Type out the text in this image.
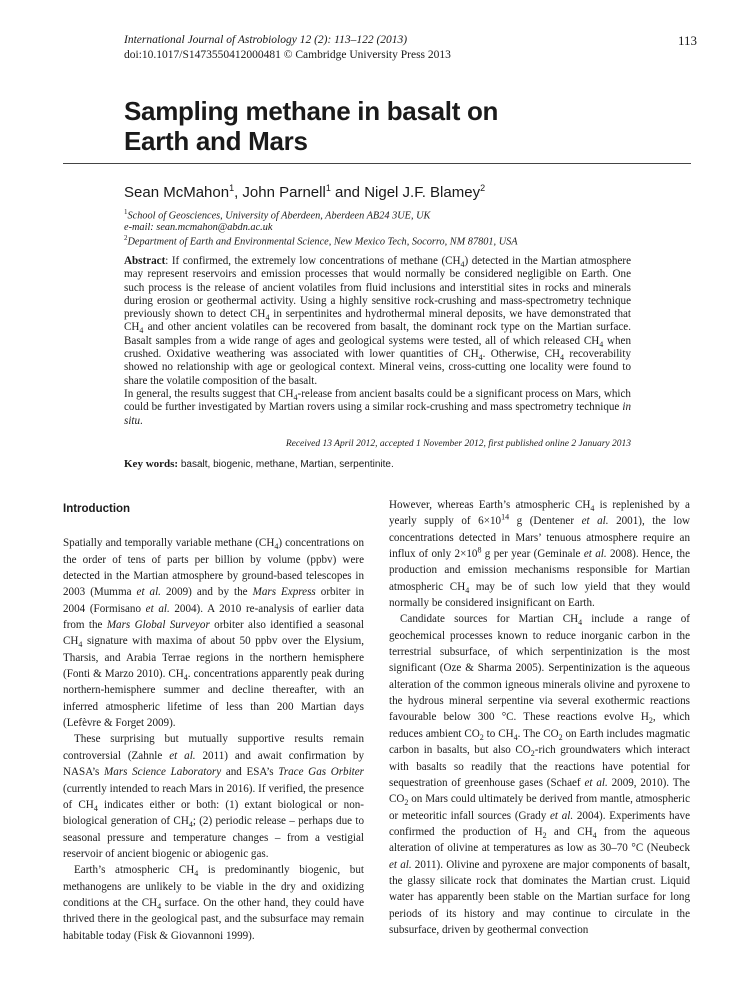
International Journal of Astrobiology 12 (2): 113–122 (2013)
doi:10.1017/S1473550412000481 © Cambridge University Press 2013
113
Sampling methane in basalt on
Earth and Mars
Sean McMahon$^1$, John Parnell$^1$ and Nigel J.F. Blamey$^2$
$^1$School of Geosciences, University of Aberdeen, Aberdeen AB24 3UE, UK
e-mail: sean.mcmahon@abdn.ac.uk
$^2$Department of Earth and Environmental Science, New Mexico Tech, Socorro, NM 87801, USA

Abstract: If confirmed, the extremely low concentrations of methane $(CH_4)$ detected in the Martian atmosphere may represent reservoirs and emission processes that would normally be considered negligible on Earth. One such process is the release of ancient volatiles from fluid inclusions and interstitial sites in rocks and minerals during erosion or geothermal activity. Using a highly sensitive rock-crushing and mass-spectrometry technique previously shown to detect $CH_4$ in serpentinites and hydrothermal mineral deposits, we have demonstrated that $CH_4$ and other ancient volatiles can be recovered from basalt, the dominant rock type on the Martian surface. Basalt samples from a wide range of ages and geological systems were tested, all of which released $CH_4$ when crushed. Oxidative weathering was associated with lower quantities of $CH_4$. Otherwise, $CH_4$ recoverability showed no relationship with age or geological context. Mineral veins, cross-cutting one locality were found to share the volatile composition of the basalt.

In general, the results suggest that $CH_4$-release from ancient basalts could be a significant process on Mars, which could be further investigated by Martian rovers using a similar rock-crushing and mass spectrometry technique in situ.

Received 13 April 2012, accepted 1 November 2012, first published online 2 January 2013
Key words: basalt, biogenic, methane, Martian, serpentinite.
Introduction

Spatially and temporally variable methane $(CH_4)$ concentrations on the order of tens of parts per billion by volume (ppbv) were detected in the Martian atmosphere by ground-based telescopes in 2003 (Mumma et al. 2009) and by the Mars Express orbiter in 2004 (Formisano et al. 2004). A 2010 re-analysis of earlier data from the Mars Global Surveyor orbiter also identified a seasonal $CH_4$ signature with maxima of about 50 ppbv over the Elysium, Tharsis, and Arabia Terrae regions in the northern hemisphere (Fonti & Marzo 2010). $CH_4$. concentrations apparently peak during northern-hemisphere summer and decline thereafter, with an inferred atmospheric lifetime of less than 200 Martian days (Lefèvre & Forget 2009).

These surprising but mutually supportive results remain controversial (Zahnle et al. 2011) and await confirmation by NASA’s Mars Science Laboratory and ESA’s Trace Gas Orbiter (currently intended to reach Mars in 2016). If verified, the presence of $CH_4$ indicates either or both: (1) extant biological or non-biological generation of $CH_4$; (2) periodic release – perhaps due to seasonal pressure and temperature changes – from a vestigial reservoir of ancient biogenic or abiogenic gas.

Earth’s atmospheric $CH_4$ is predominantly biogenic, but methanogens are unlikely to be viable in the dry and oxidizing conditions at the $CH_4$ surface. On the other hand, they could have thrived there in the geological past, and the subsurface may remain habitable today (Fisk & Giovannoni 1999).

However, whereas Earth’s atmospheric $CH_4$ is replenished by a yearly supply of $6\times 10^{14}$ g (Dentener et al. 2001), the low concentrations detected in Mars’ tenuous atmosphere require an influx of only $2\times 10^8$ g per year (Geminale et al. 2008). Hence, the production and emission mechanisms responsible for Martian atmospheric $CH_4$ may be of such low yield that they would normally be considered insignificant on Earth.

Candidate sources for Martian $CH_4$ include a range of geochemical processes known to reduce inorganic carbon in the terrestrial subsurface, of which serpentinization is the most significant (Oze & Sharma 2005). Serpentinization is the aqueous alteration of the common igneous minerals olivine and pyroxene to the hydrous mineral serpentine via several exothermic reactions favourable below 300 °C. These reactions evolve $H_2$, which reduces ambient $CO_2$ to $CH_4$. The $CO_2$ on Earth includes magmatic carbon in basalts, but also $CO_2$-rich groundwaters which interact with basalts so readily that the reactions have potential for sequestration of greenhouse gases (Schaef et al. 2009, 2010). The $CO_2$ on Mars could ultimately be derived from mantle, atmospheric or meteoritic infall sources (Grady et al. 2004). Experiments have confirmed the production of $H_2$ and $CH_4$ from the aqueous alteration of olivine at temperatures as low as 30–70 °C (Neubeck et al. 2011). Olivine and pyroxene are major components of basalt, the glassy silicate rock that dominates the Martian crust. Liquid water has apparently been stable on the Martian surface for long periods of its history and may continue to circulate in the subsurface, driven by geothermal convection
